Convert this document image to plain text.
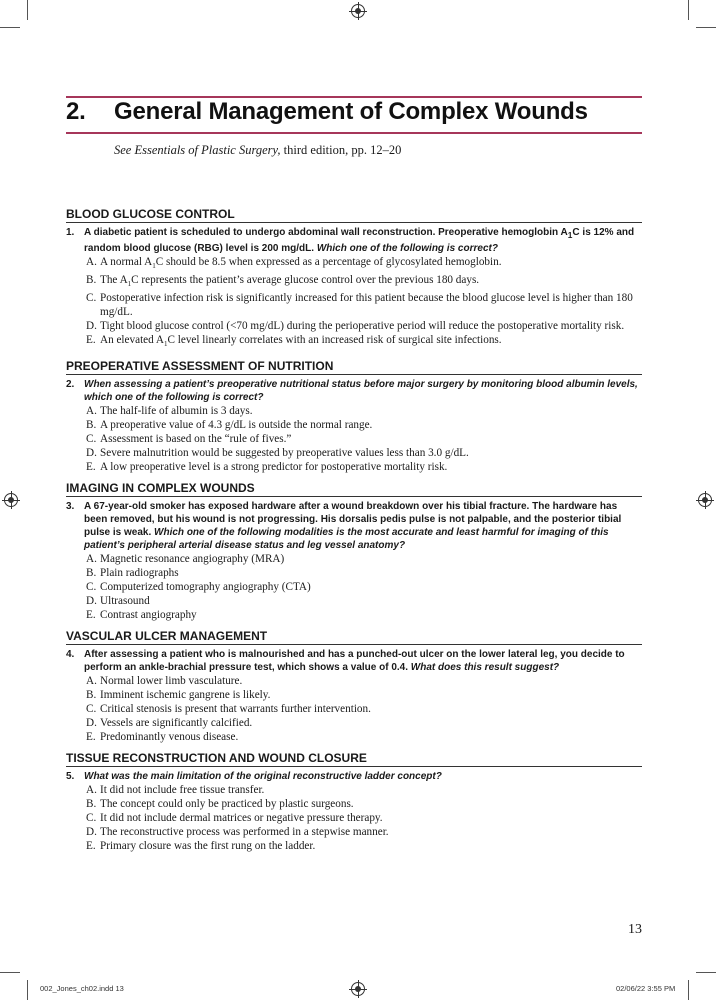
2. General Management of Complex Wounds
See Essentials of Plastic Surgery, third edition, pp. 12–20
BLOOD GLUCOSE CONTROL
1. A diabetic patient is scheduled to undergo abdominal wall reconstruction. Preoperative hemoglobin $A_1C$ is 12% and random blood glucose (RBG) level is 200 mg/dL. Which one of the following is correct?
A. A normal $A_1C$ should be 8.5 when expressed as a percentage of glycosylated hemoglobin.
B. The $A_1C$ represents the patient’s average glucose control over the previous 180 days.
C. Postoperative infection risk is significantly increased for this patient because the blood glucose level is higher than 180 mg/dL.
D. Tight blood glucose control (<70 mg/dL) during the perioperative period will reduce the postoperative mortality risk.
E. An elevated $A_1C$ level linearly correlates with an increased risk of surgical site infections.
PREOPERATIVE ASSESSMENT OF NUTRITION
2. When assessing a patient’s preoperative nutritional status before major surgery by monitoring blood albumin levels, which one of the following is correct?
A. The half-life of albumin is 3 days.
B. A preoperative value of 4.3 g/dL is outside the normal range.
C. Assessment is based on the “rule of fives.”
D. Severe malnutrition would be suggested by preoperative values less than 3.0 g/dL.
E. A low preoperative level is a strong predictor for postoperative mortality risk.
IMAGING IN COMPLEX WOUNDS
3. A 67-year-old smoker has exposed hardware after a wound breakdown over his tibial fracture. The hardware has been removed, but his wound is not progressing. His dorsalis pedis pulse is not palpable, and the posterior tibial pulse is weak. Which one of the following modalities is the most accurate and least harmful for imaging of this patient’s peripheral arterial disease status and leg vessel anatomy?
A. Magnetic resonance angiography (MRA)
B. Plain radiographs
C. Computerized tomography angiography (CTA)
D. Ultrasound
E. Contrast angiography
VASCULAR ULCER MANAGEMENT
4. After assessing a patient who is malnourished and has a punched-out ulcer on the lower lateral leg, you decide to perform an ankle-brachial pressure test, which shows a value of 0.4. What does this result suggest?
A. Normal lower limb vasculature.
B. Imminent ischemic gangrene is likely.
C. Critical stenosis is present that warrants further intervention.
D. Vessels are significantly calcified.
E. Predominantly venous disease.
TISSUE RECONSTRUCTION AND WOUND CLOSURE
5. What was the main limitation of the original reconstructive ladder concept?
A. It did not include free tissue transfer.
B. The concept could only be practiced by plastic surgeons.
C. It did not include dermal matrices or negative pressure therapy.
D. The reconstructive process was performed in a stepwise manner.
E. Primary closure was the first rung on the ladder.
13
002_Jones_ch02.indd 13	02/06/22 3:55 PM
